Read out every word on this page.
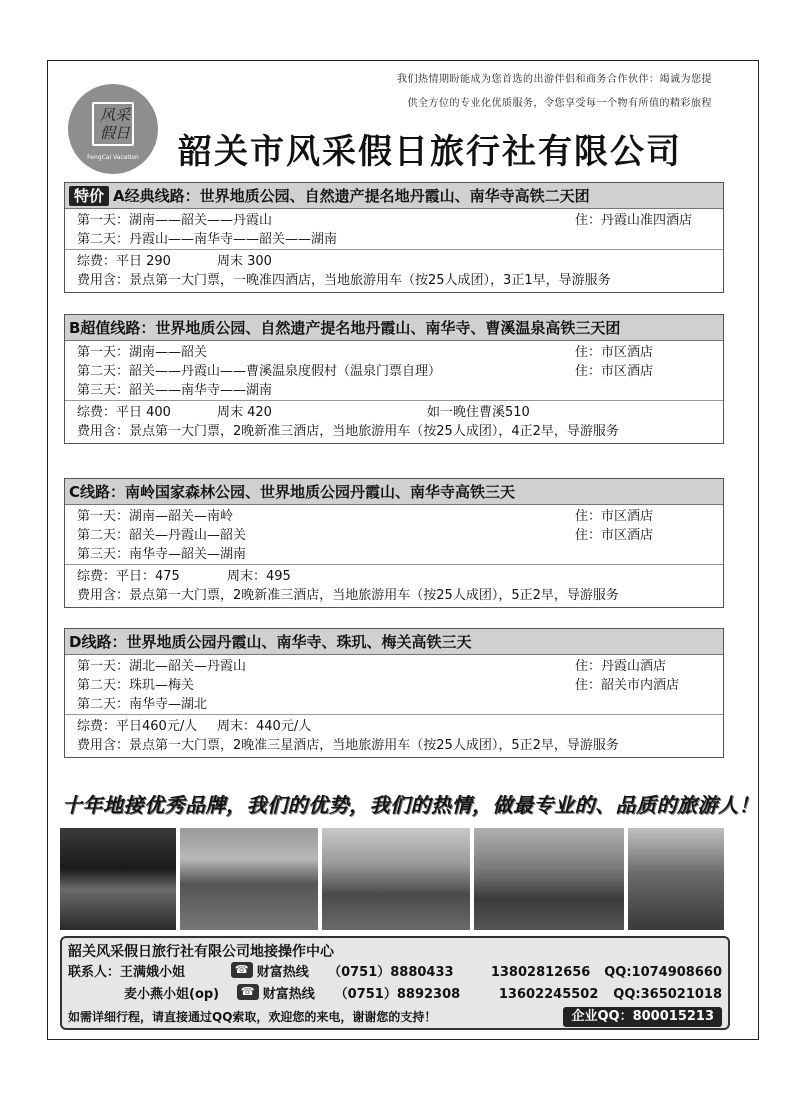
风采假日
FengCai Vacation
我们热情期盼能成为您首选的出游伴侣和商务合作伙伴：竭诚为您提
供全方位的专业化优质服务，令您享受每一个物有所值的精彩旅程
韶关市风采假日旅行社有限公司
特价 A经典线路：世界地质公园、自然遗产提名地丹霞山、南华寺高铁二天团
第一天：湖南——韶关——丹霞山	住：丹霞山准四酒店
第二天：丹霞山——南华寺——韶关——湖南
综费：平日 290	周末 300
费用含：景点第一大门票，一晚准四酒店，当地旅游用车（按25人成团），3正1早，导游服务
B超值线路：世界地质公园、自然遗产提名地丹霞山、南华寺、曹溪温泉高铁三天团
第一天：湖南——韶关	住：市区酒店
第二天：韶关——丹霞山——曹溪温泉度假村（温泉门票自理）	住：市区酒店
第三天：韶关——南华寺——湖南
综费：平日 400	周末 420	如一晚住曹溪510
费用含：景点第一大门票，2晚新准三酒店，当地旅游用车（按25人成团），4正2早，导游服务
C线路：南岭国家森林公园、世界地质公园丹霞山、南华寺高铁三天
第一天：湖南—韶关—南岭	住：市区酒店
第二天：韶关—丹霞山—韶关	住：市区酒店
第三天：南华寺—韶关—湖南
综费：平日：475	周末：495
费用含：景点第一大门票，2晚新准三酒店，当地旅游用车（按25人成团），5正2早，导游服务
D线路：世界地质公园丹霞山、南华寺、珠玑、梅关高铁三天
第一天：湖北—韶关—丹霞山	住：丹霞山酒店
第二天：珠玑—梅关	住：韶关市内酒店
第二天：南华寺—湖北
综费：平日460元/人 周末：440元/人
费用含：景点第一大门票，2晚准三星酒店，当地旅游用车（按25人成团），5正2早，导游服务
十年地接优秀品牌，我们的优势，我们的热情，做最专业的、品质的旅游人！
韶关风采假日旅行社有限公司地接操作中心
联系人：王满娥小姐	☎ 财富热线	（0751）8880433	13802812656	QQ:1074908660
麦小燕小姐(op)	☎ 财富热线	（0751）8892308	13602245502	QQ:365021018
如需详细行程，请直接通过QQ索取，欢迎您的来电，谢谢您的支持！	企业QQ：800015213
